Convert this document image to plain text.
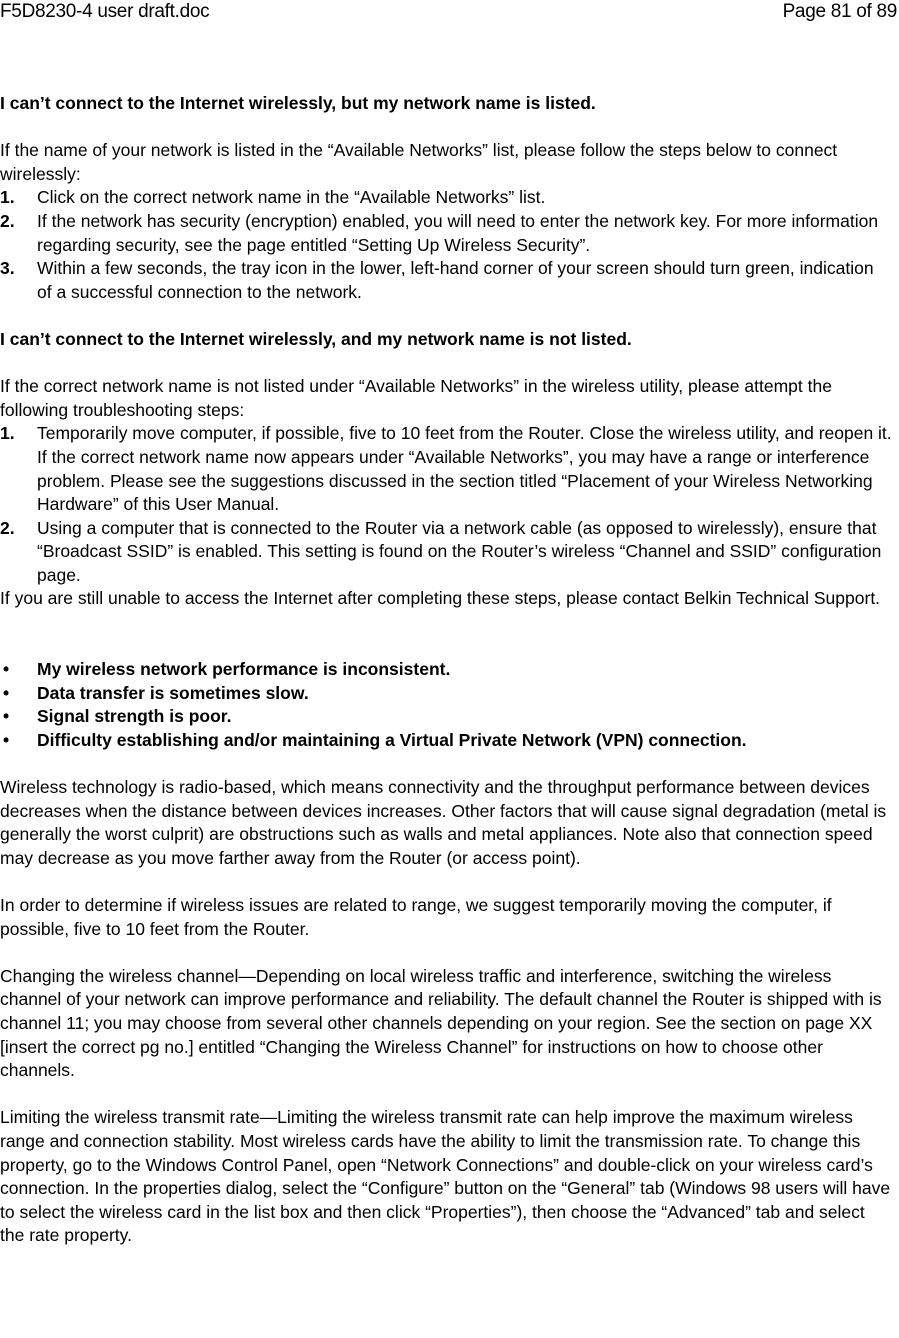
F5D8230-4 user draft.doc	Page 81 of 89

I can’t connect to the Internet wirelessly, but my network name is listed.

If the name of your network is listed in the “Available Networks” list, please follow the steps below to connect wirelessly:

1. Click on the correct network name in the “Available Networks” list.
2. If the network has security (encryption) enabled, you will need to enter the network key. For more information regarding security, see the page entitled “Setting Up Wireless Security”.
3. Within a few seconds, the tray icon in the lower, left-hand corner of your screen should turn green, indication of a successful connection to the network.

I can’t connect to the Internet wirelessly, and my network name is not listed.

If the correct network name is not listed under “Available Networks” in the wireless utility, please attempt the following troubleshooting steps:

1. Temporarily move computer, if possible, five to 10 feet from the Router. Close the wireless utility, and reopen it. If the correct network name now appears under “Available Networks”, you may have a range or interference problem. Please see the suggestions discussed in the section titled “Placement of your Wireless Networking Hardware” of this User Manual.
2. Using a computer that is connected to the Router via a network cable (as opposed to wirelessly), ensure that “Broadcast SSID” is enabled. This setting is found on the Router’s wireless “Channel and SSID” configuration page.

If you are still unable to access the Internet after completing these steps, please contact Belkin Technical Support.

• My wireless network performance is inconsistent.
• Data transfer is sometimes slow.
• Signal strength is poor.
• Difficulty establishing and/or maintaining a Virtual Private Network (VPN) connection.

Wireless technology is radio-based, which means connectivity and the throughput performance between devices decreases when the distance between devices increases. Other factors that will cause signal degradation (metal is generally the worst culprit) are obstructions such as walls and metal appliances. Note also that connection speed may decrease as you move farther away from the Router (or access point).

In order to determine if wireless issues are related to range, we suggest temporarily moving the computer, if possible, five to 10 feet from the Router.

Changing the wireless channel—Depending on local wireless traffic and interference, switching the wireless channel of your network can improve performance and reliability. The default channel the Router is shipped with is channel 11; you may choose from several other channels depending on your region. See the section on page XX [insert the correct pg no.] entitled “Changing the Wireless Channel” for instructions on how to choose other channels.

Limiting the wireless transmit rate—Limiting the wireless transmit rate can help improve the maximum wireless range and connection stability. Most wireless cards have the ability to limit the transmission rate. To change this property, go to the Windows Control Panel, open “Network Connections” and double-click on your wireless card’s connection. In the properties dialog, select the “Configure” button on the “General” tab (Windows 98 users will have to select the wireless card in the list box and then click “Properties”), then choose the “Advanced” tab and select the rate property.
